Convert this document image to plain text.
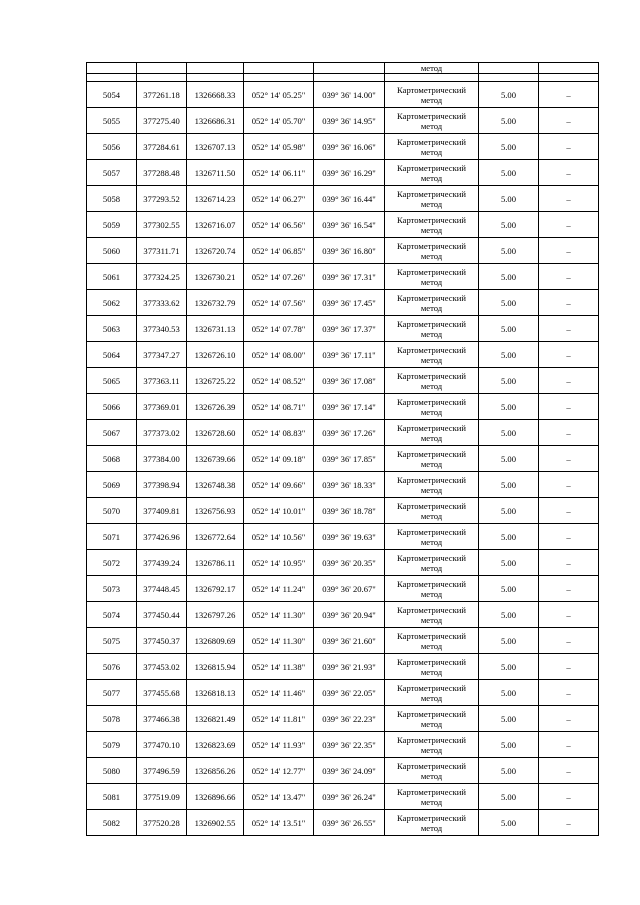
					метод		

5054	377261.18	1326668.33	052° 14' 05.25"	039° 36' 14.00"	Картометрический
метод	5.00	–
5055	377275.40	1326686.31	052° 14' 05.70"	039° 36' 14.95"	Картометрический
метод	5.00	–
5056	377284.61	1326707.13	052° 14' 05.98"	039° 36' 16.06"	Картометрический
метод	5.00	–
5057	377288.48	1326711.50	052° 14' 06.11"	039° 36' 16.29"	Картометрический
метод	5.00	–
5058	377293.52	1326714.23	052° 14' 06.27"	039° 36' 16.44"	Картометрический
метод	5.00	–
5059	377302.55	1326716.07	052° 14' 06.56"	039° 36' 16.54"	Картометрический
метод	5.00	–
5060	377311.71	1326720.74	052° 14' 06.85"	039° 36' 16.80"	Картометрический
метод	5.00	–
5061	377324.25	1326730.21	052° 14' 07.26"	039° 36' 17.31"	Картометрический
метод	5.00	–
5062	377333.62	1326732.79	052° 14' 07.56"	039° 36' 17.45"	Картометрический
метод	5.00	–
5063	377340.53	1326731.13	052° 14' 07.78"	039° 36' 17.37"	Картометрический
метод	5.00	–
5064	377347.27	1326726.10	052° 14' 08.00"	039° 36' 17.11"	Картометрический
метод	5.00	–
5065	377363.11	1326725.22	052° 14' 08.52"	039° 36' 17.08"	Картометрический
метод	5.00	–
5066	377369.01	1326726.39	052° 14' 08.71"	039° 36' 17.14"	Картометрический
метод	5.00	–
5067	377373.02	1326728.60	052° 14' 08.83"	039° 36' 17.26"	Картометрический
метод	5.00	–
5068	377384.00	1326739.66	052° 14' 09.18"	039° 36' 17.85"	Картометрический
метод	5.00	–
5069	377398.94	1326748.38	052° 14' 09.66"	039° 36' 18.33"	Картометрический
метод	5.00	–
5070	377409.81	1326756.93	052° 14' 10.01"	039° 36' 18.78"	Картометрический
метод	5.00	–
5071	377426.96	1326772.64	052° 14' 10.56"	039° 36' 19.63"	Картометрический
метод	5.00	–
5072	377439.24	1326786.11	052° 14' 10.95"	039° 36' 20.35"	Картометрический
метод	5.00	–
5073	377448.45	1326792.17	052° 14' 11.24"	039° 36' 20.67"	Картометрический
метод	5.00	–
5074	377450.44	1326797.26	052° 14' 11.30"	039° 36' 20.94"	Картометрический
метод	5.00	–
5075	377450.37	1326809.69	052° 14' 11.30"	039° 36' 21.60"	Картометрический
метод	5.00	–
5076	377453.02	1326815.94	052° 14' 11.38"	039° 36' 21.93"	Картометрический
метод	5.00	–
5077	377455.68	1326818.13	052° 14' 11.46"	039° 36' 22.05"	Картометрический
метод	5.00	–
5078	377466.38	1326821.49	052° 14' 11.81"	039° 36' 22.23"	Картометрический
метод	5.00	–
5079	377470.10	1326823.69	052° 14' 11.93"	039° 36' 22.35"	Картометрический
метод	5.00	–
5080	377496.59	1326856.26	052° 14' 12.77"	039° 36' 24.09"	Картометрический
метод	5.00	–
5081	377519.09	1326896.66	052° 14' 13.47"	039° 36' 26.24"	Картометрический
метод	5.00	–
5082	377520.28	1326902.55	052° 14' 13.51"	039° 36' 26.55"	Картометрический
метод	5.00	–
